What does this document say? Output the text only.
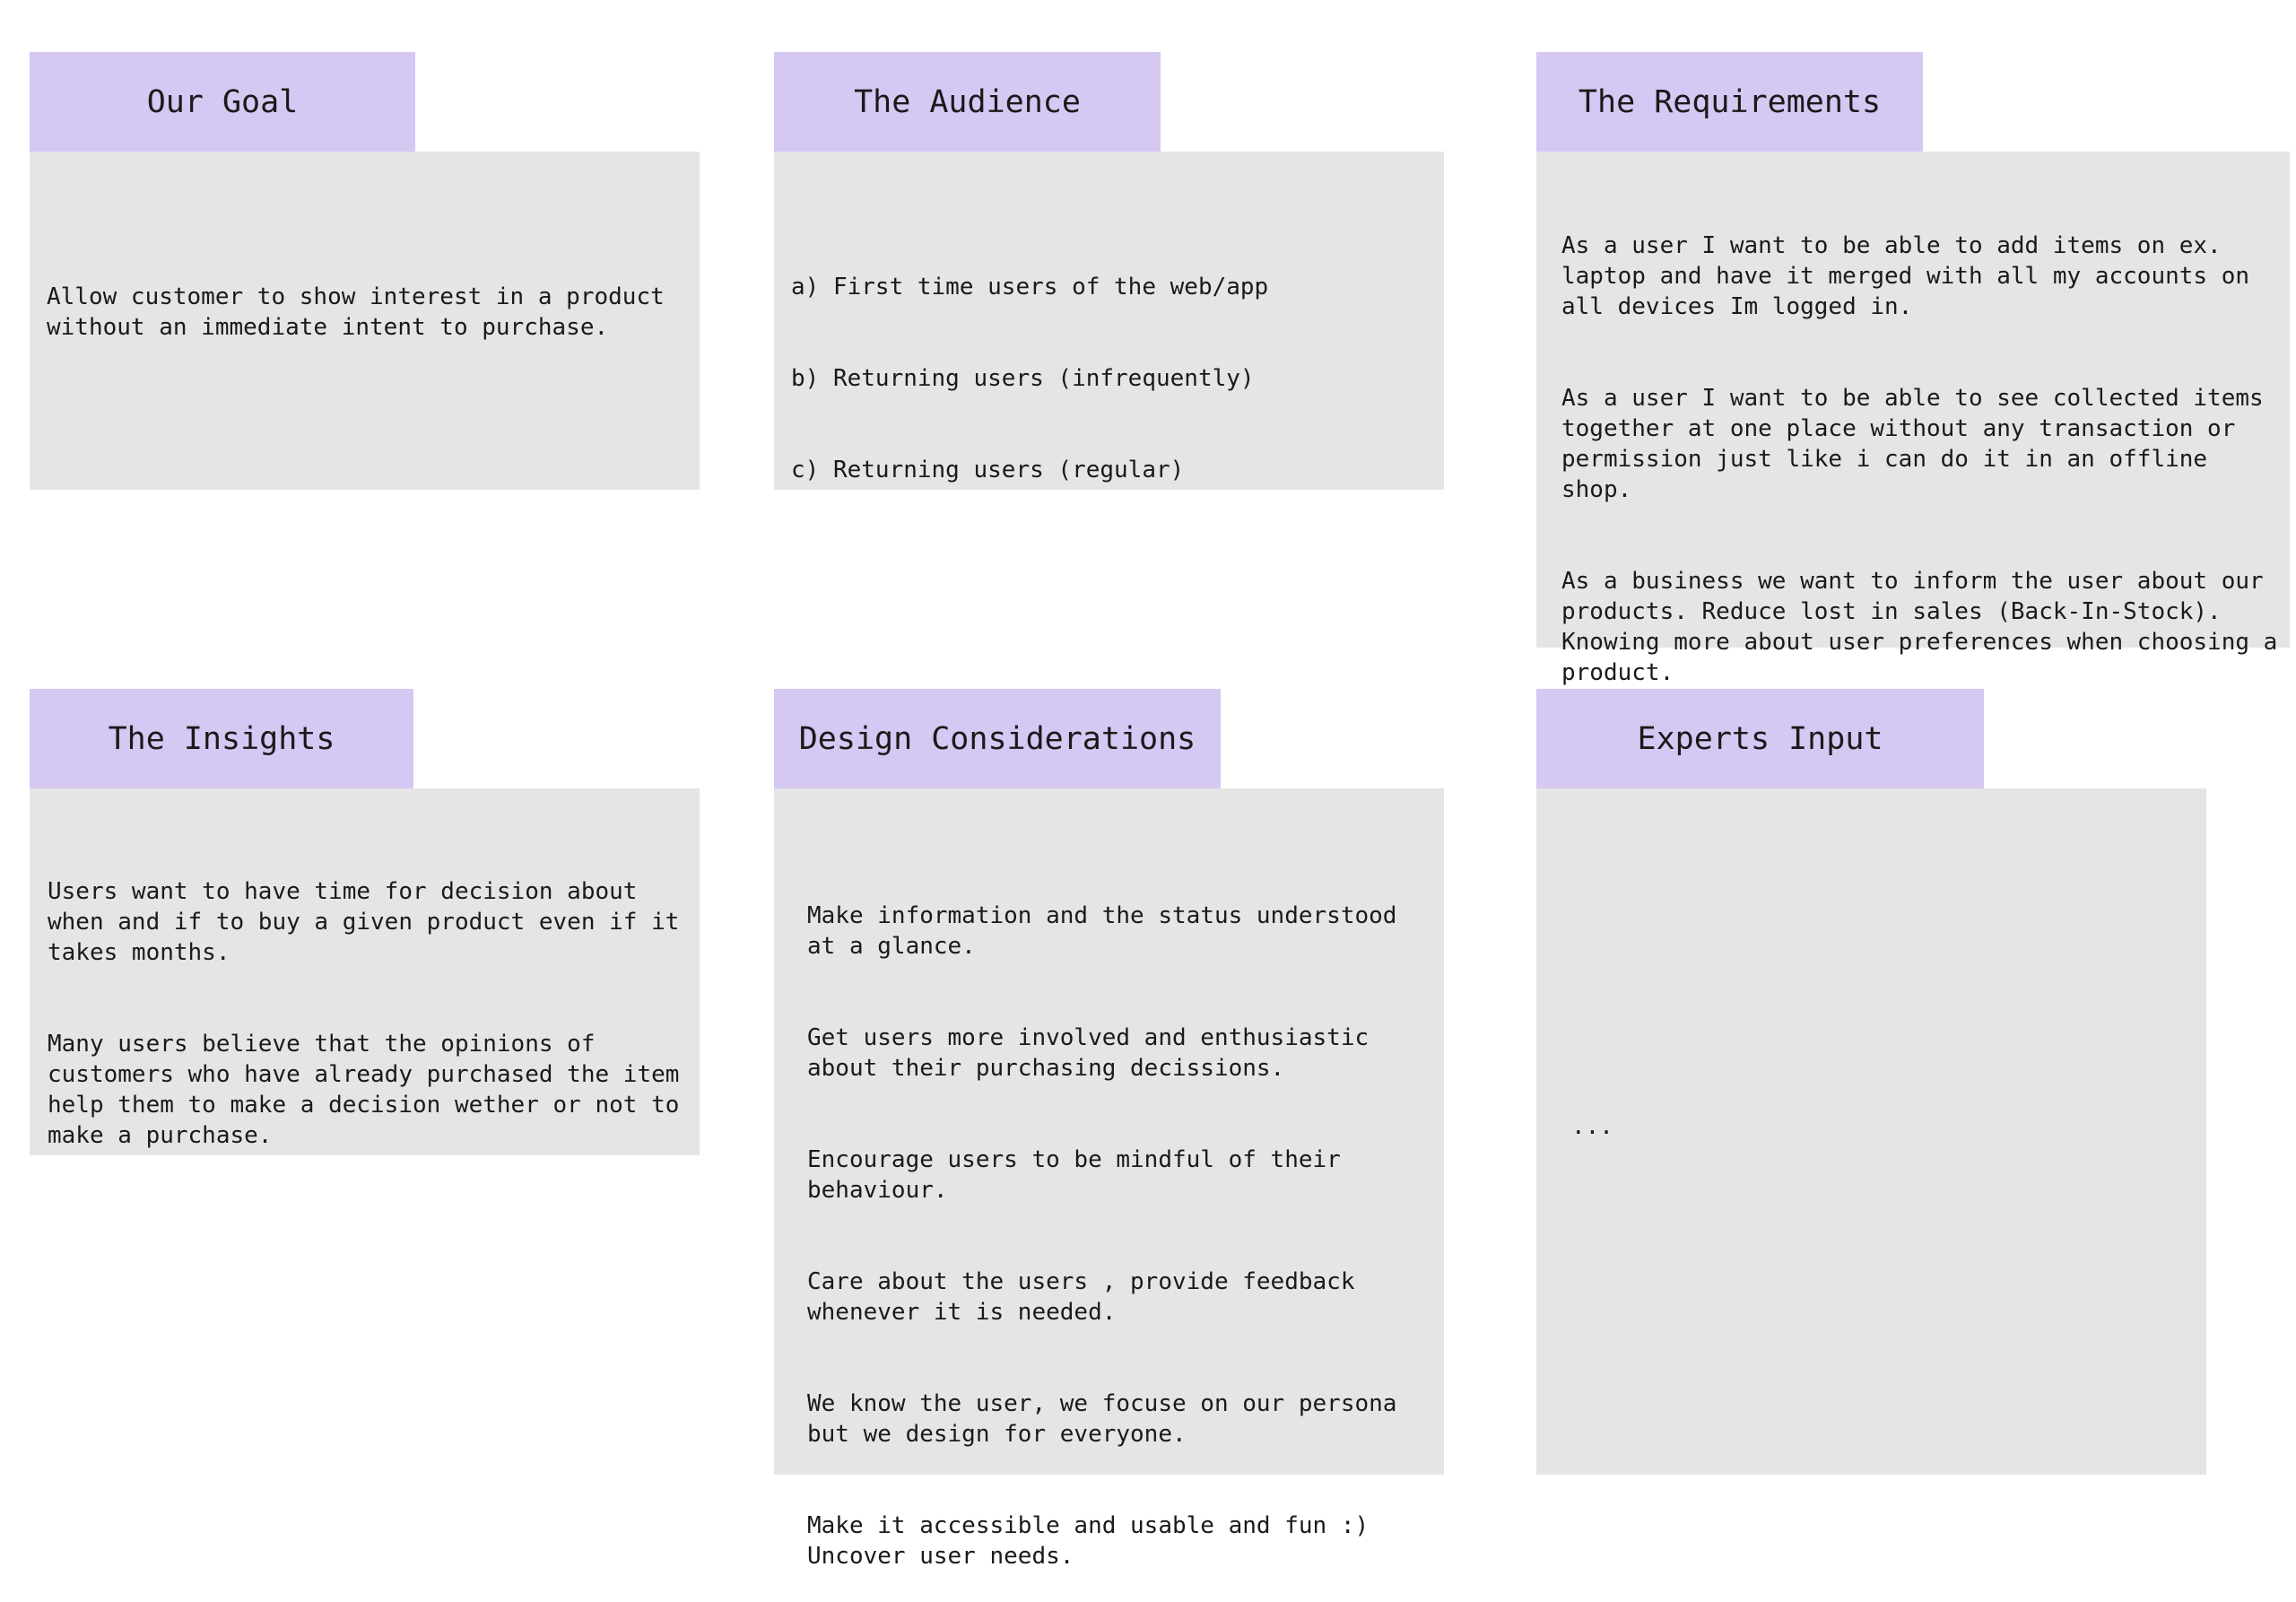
Our Goal
Allow customer to show interest in a product
without an immediate intent to purchase.
The Audience

a) First time users of the web/app

b) Returning users (infrequently)

c) Returning users (regular)

The Requirements

As a user I want to be able to add items on ex.
laptop and have it merged with all my accounts on
all devices Im logged in.

As a user I want to be able to see collected items
together at one place without any transaction or
permission just like i can do it in an offline
shop.

As a business we want to inform the user about our
products. Reduce lost in sales (Back-In-Stock).
Knowing more about user preferences when choosing a
product.

The Insights

Users want to have time for decision about
when and if to buy a given product even if it
takes months.

Many users believe that the opinions of
customers who have already purchased the item
help them to make a decision wether or not to
make a purchase.

Design Considerations

Make information and the status understood
at a glance.

Get users more involved and enthusiastic
about their purchasing decissions.

Encourage users to be mindful of their
behaviour.

Care about the users , provide feedback
whenever it is needed.

We know the user, we focuse on our persona
but we design for everyone.

Make it accessible and usable and fun :)
Uncover user needs.

Experts Input
...
